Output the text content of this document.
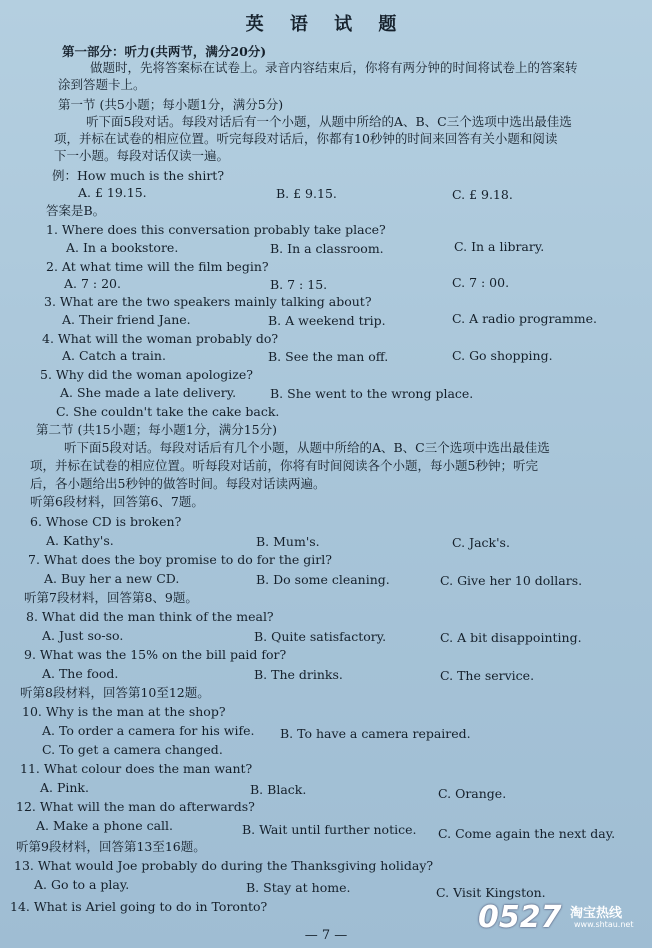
英 语 试 题
第一部分：听力(共两节，满分20分)
做题时，先将答案标在试卷上。录音内容结束后，你将有两分钟的时间将试卷上的答案转
涂到答题卡上。
第一节 (共5小题；每小题1分，满分5分)
听下面5段对话。每段对话后有一个小题，从题中所给的A、B、C三个选项中选出最佳选
项，并标在试卷的相应位置。听完每段对话后，你都有10秒钟的时间来回答有关小题和阅读
下一小题。每段对话仅读一遍。
例：How much is the shirt?
A. £ 19.15.	B. £ 9.15.	C. £ 9.18.
答案是B。
1. Where does this conversation probably take place?
A. In a bookstore.	B. In a classroom.	C. In a library.
2. At what time will the film begin?
A. 7 : 20.	B. 7 : 15.	C. 7 : 00.
3. What are the two speakers mainly talking about?
A. Their friend Jane.	B. A weekend trip.	C. A radio programme.
4. What will the woman probably do?
A. Catch a train.	B. See the man off.	C. Go shopping.
5. Why did the woman apologize?
A. She made a late delivery.	B. She went to the wrong place.
C. She couldn't take the cake back.
第二节 (共15小题；每小题1分，满分15分)
听下面5段对话。每段对话后有几个小题，从题中所给的A、B、C三个选项中选出最佳选
项，并标在试卷的相应位置。听每段对话前，你将有时间阅读各个小题，每小题5秒钟；听完
后，各小题给出5秒钟的做答时间。每段对话读两遍。
听第6段材料，回答第6、7题。
6. Whose CD is broken?
A. Kathy's.	B. Mum's.	C. Jack's.
7. What does the boy promise to do for the girl?
A. Buy her a new CD.	B. Do some cleaning.	C. Give her 10 dollars.
听第7段材料，回答第8、9题。
8. What did the man think of the meal?
A. Just so-so.	B. Quite satisfactory.	C. A bit disappointing.
9. What was the 15% on the bill paid for?
A. The food.	B. The drinks.	C. The service.
听第8段材料，回答第10至12题。
10. Why is the man at the shop?
A. To order a camera for his wife. B. To have a camera repaired.
C. To get a camera changed.
11. What colour does the man want?
A. Pink.	B. Black.	C. Orange.
12. What will the man do afterwards?
A. Make a phone call.	B. Wait until further notice. C. Come again the next day.
听第9段材料，回答第13至16题。
13. What would Joe probably do during the Thanksgiving holiday?
A. Go to a play.	B. Stay at home.	C. Visit Kingston.
14. What is Ariel going to do in Toronto?
— 7 —
0527 淘宝热线
www.shtau.net
